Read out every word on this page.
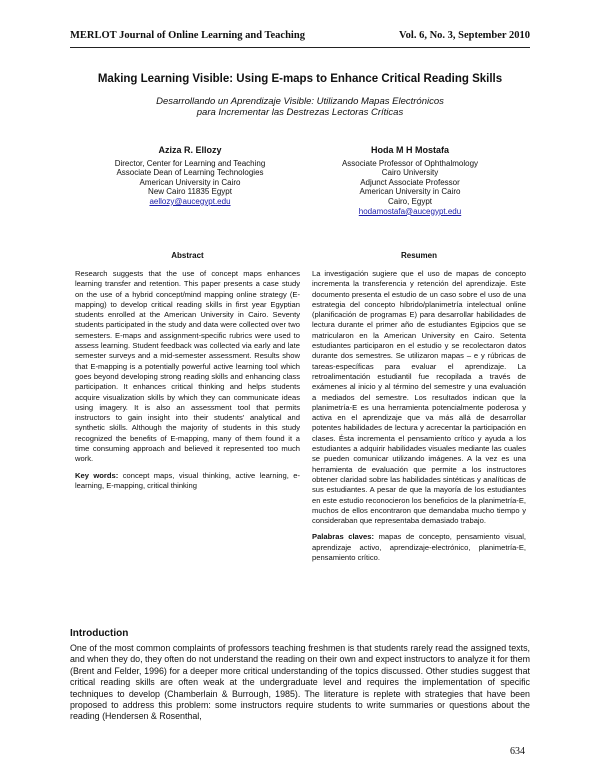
MERLOT Journal of Online Learning and Teaching	Vol. 6, No. 3, September 2010
Making Learning Visible: Using E-maps to Enhance Critical Reading Skills
Desarrollando un Aprendizaje Visible: Utilizando Mapas Electrónicos
para Incrementar las Destrezas Lectoras Críticas
Aziza R. Ellozy
Director, Center for Learning and Teaching
Associate Dean of Learning Technologies
American University in Cairo
New Cairo 11835 Egypt
aellozy@aucegypt.edu
Hoda M H Mostafa
Associate Professor of Ophthalmology
Cairo University
Adjunct Associate Professor
American University in Cairo
Cairo, Egypt
hodamostafa@aucegypt.edu
Abstract	Resumen

Research suggests that the use of concept maps enhances learning transfer and retention. This paper presents a case study on the use of a hybrid concept/mind mapping online strategy (E-mapping) to develop critical reading skills in first year Egyptian students enrolled at the American University in Cairo. Seventy students participated in the study and data were collected over two semesters. E-maps and assignment-specific rubrics were used to assess learning. Student feedback was collected via early and late semester surveys and a mid-semester assessment. Results show that E-mapping is a potentially powerful active learning tool which goes beyond developing strong reading skills and enhancing class participation. It enhances critical thinking and helps students acquire visualization skills by which they can communicate ideas using imagery. It is also an assessment tool that permits instructors to gain insight into their students' analytical and synthetic skills. Although the majority of students in this study recognized the benefits of E-mapping, many of them found it a time consuming approach and believed it represented too much work.

Key words: concept maps, visual thinking, active learning, e-learning, E-mapping, critical thinking

La investigación sugiere que el uso de mapas de concepto incrementa la transferencia y retención del aprendizaje. Este documento presenta el estudio de un caso sobre el uso de una estrategia del concepto híbrido/planimetría intelectual online (planificación de programas E) para desarrollar habilidades de lectura durante el primer año de estudiantes Egipcios que se matricularon en la American University en Cairo. Setenta estudiantes participaron en el estudio y se recolectaron datos durante dos semestres. Se utilizaron mapas – e y rúbricas de tareas-específicas para evaluar el aprendizaje. La retroalimentación estudiantil fue recopilada a través de exámenes al inicio y al término del semestre y una evaluación a mediados del semestre. Los resultados indican que la planimetría-E es una herramienta potencialmente poderosa y activa en el aprendizaje que va más allá de desarrollar potentes habilidades de lectura y acrecentar la participación en clases. Ésta incrementa el pensamiento crítico y ayuda a los estudiantes a adquirir habilidades visuales mediante las cuales se pueden comunicar utilizando imágenes. A la vez es una herramienta de evaluación que permite a los instructores obtener claridad sobre las habilidades sintéticas y analíticas de sus estudiantes. A pesar de que la mayoría de los estudiantes en este estudio reconocieron los beneficios de la planimetría-E, muchos de ellos encontraron que demandaba mucho tiempo y consideraban que representaba demasiado trabajo.

Palabras claves: mapas de concepto, pensamiento visual, aprendizaje activo, aprendizaje-electrónico, planimetría-E, pensamiento crítico.

Introduction
One of the most common complaints of professors teaching freshmen is that students rarely read the assigned texts, and when they do, they often do not understand the reading on their own and expect instructors to analyze it for them (Brent and Felder, 1996) for a deeper more critical understanding of the topics discussed. Other studies suggest that critical reading skills are often weak at the undergraduate level and requires the implementation of specific techniques to develop (Chamberlain & Burrough, 1985). The literature is replete with strategies that have been proposed to address this problem: some instructors require students to write summaries or questions about the reading (Hendersen & Rosenthal,
634
